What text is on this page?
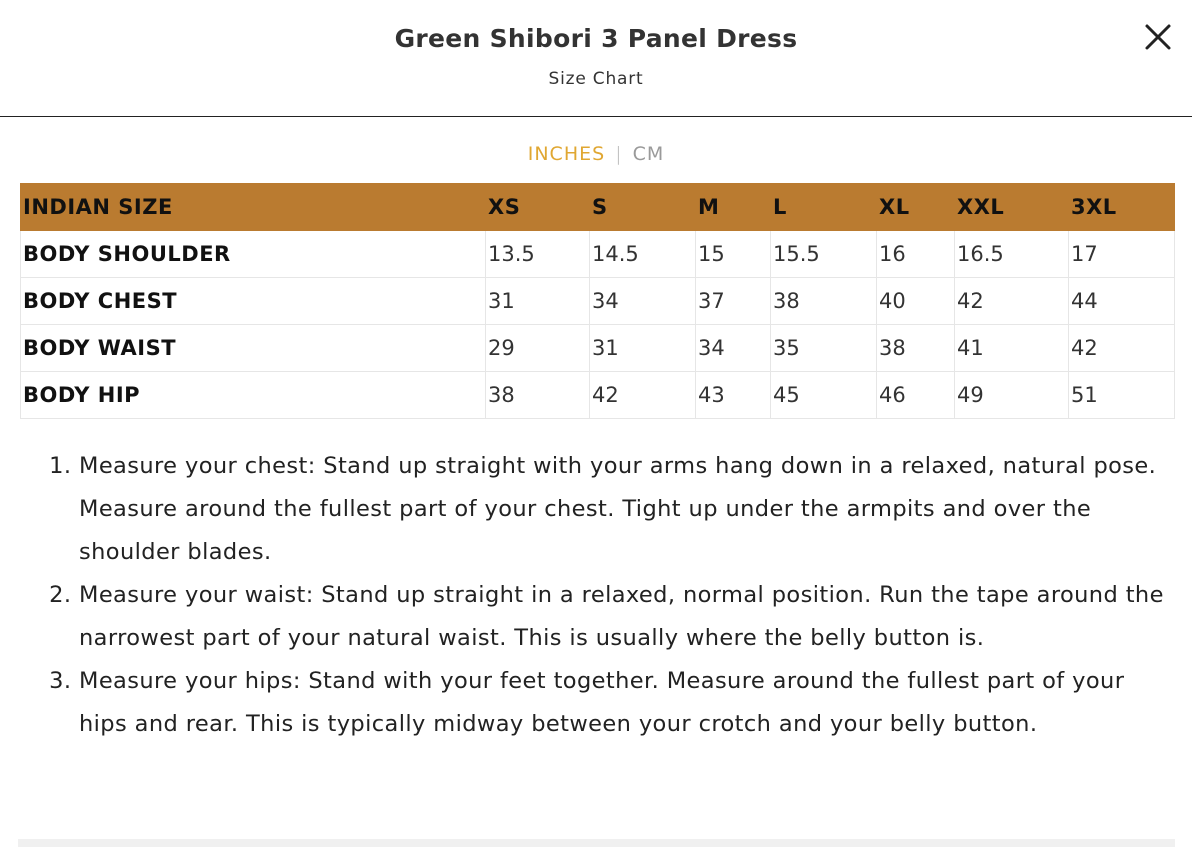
Green Shibori 3 Panel Dress
Size Chart
INCHES | CM
INDIAN SIZE	XS	S	M	L	XL	XXL	3XL
BODY SHOULDER	13.5	14.5	15	15.5	16	16.5	17
BODY CHEST	31	34	37	38	40	42	44
BODY WAIST	29	31	34	35	38	41	42
BODY HIP	38	42	43	45	46	49	51
1. Measure your chest: Stand up straight with your arms hang down in a relaxed, natural pose. Measure around the fullest part of your chest. Tight up under the armpits and over the shoulder blades.
2. Measure your waist: Stand up straight in a relaxed, normal position. Run the tape around the narrowest part of your natural waist. This is usually where the belly button is.
3. Measure your hips: Stand with your feet together. Measure around the fullest part of your hips and rear. This is typically midway between your crotch and your belly button.
